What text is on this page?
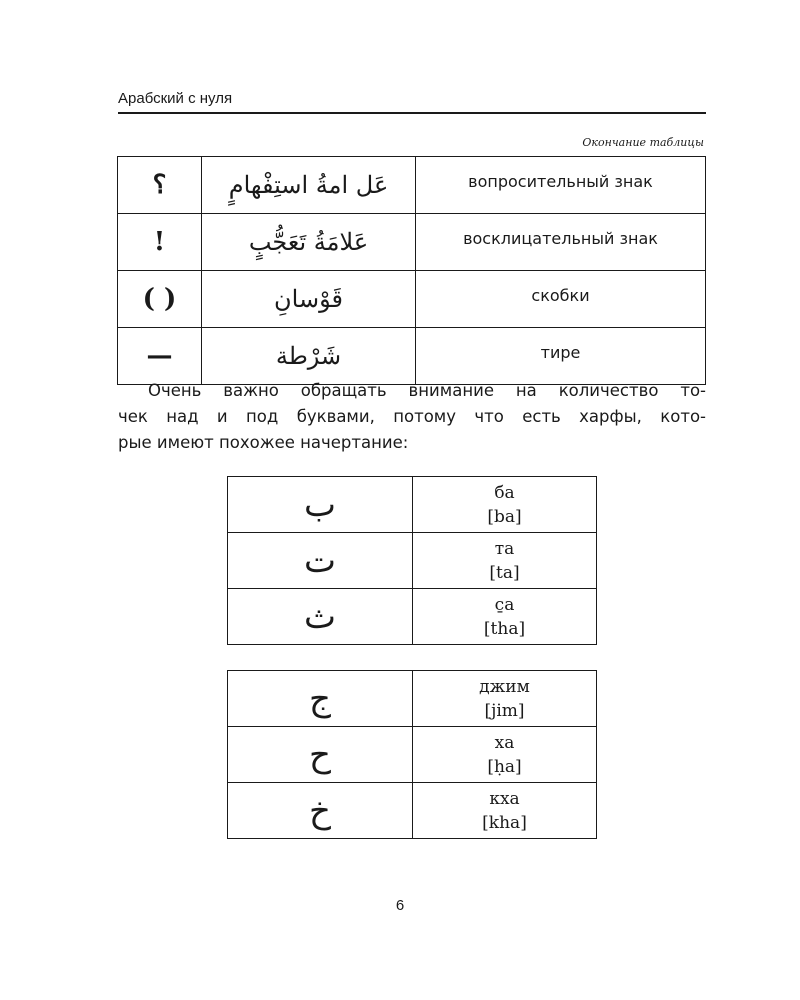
Арабский с нуля
Окончание таблицы
؟	عَل امةُ استِفْهامٍ	вопросительный знак
!	عَلامَةُ تَعَجُّبٍ	восклицательный знак
( )	قَوْسانِ	скобки
—	شَرْطة	тире
Очень важно обращать внимание на количество то-
чек над и под буквами, потому что есть харфы, кото-
рые имеют похожее начертание:
ب	ба
[ba]

ت	та
[ta]

ث	с̱а
[tha]
ج	джим
[jim]

ح	ха
[ḥa]

خ	кха
[kha]
6
